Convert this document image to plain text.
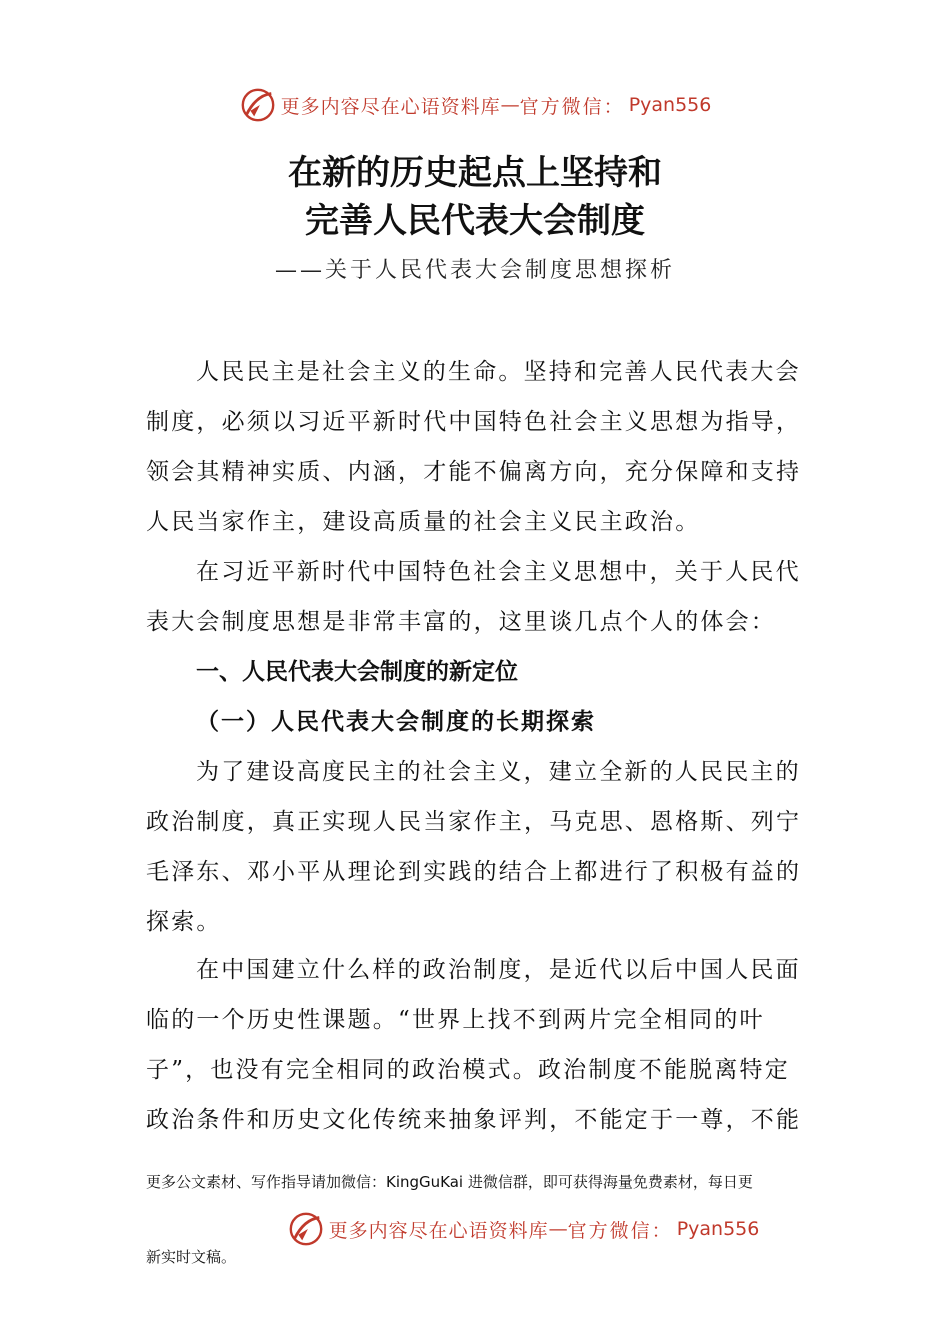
更多内容尽在心语资料库 — 官方微信： Pyan556
在新的历史起点上坚持和
完善人民代表大会制度
——关于人民代表大会制度思想探析
人民民主是社会主义的生命。坚持和完善人民代表大会制度，必须以习近平新时代中国特色社会主义思想为指导，领会其精神实质、内涵，才能不偏离方向，充分保障和支持人民当家作主，建设高质量的社会主义民主政治。
在习近平新时代中国特色社会主义思想中，关于人民代表大会制度思想是非常丰富的，这里谈几点个人的体会：
一、人民代表大会制度的新定位
（一）人民代表大会制度的长期探索
为了建设高度民主的社会主义，建立全新的人民民主的政治制度，真正实现人民当家作主，马克思、恩格斯、列宁毛泽东、邓小平从理论到实践的结合上都进行了积极有益的探索。
在中国建立什么样的政治制度，是近代以后中国人民面临的一个历史性课题。“世界上找不到两片完全相同的叶子”，也没有完全相同的政治模式。政治制度不能脱离特定政治条件和历史文化传统来抽象评判，不能定于一尊，不能
更多公文素材、写作指导请加微信：KingGuKai 进微信群，即可获得海量免费素材，每日更
更多内容尽在心语资料库 — 官方微信： Pyan556
新实时文稿。
